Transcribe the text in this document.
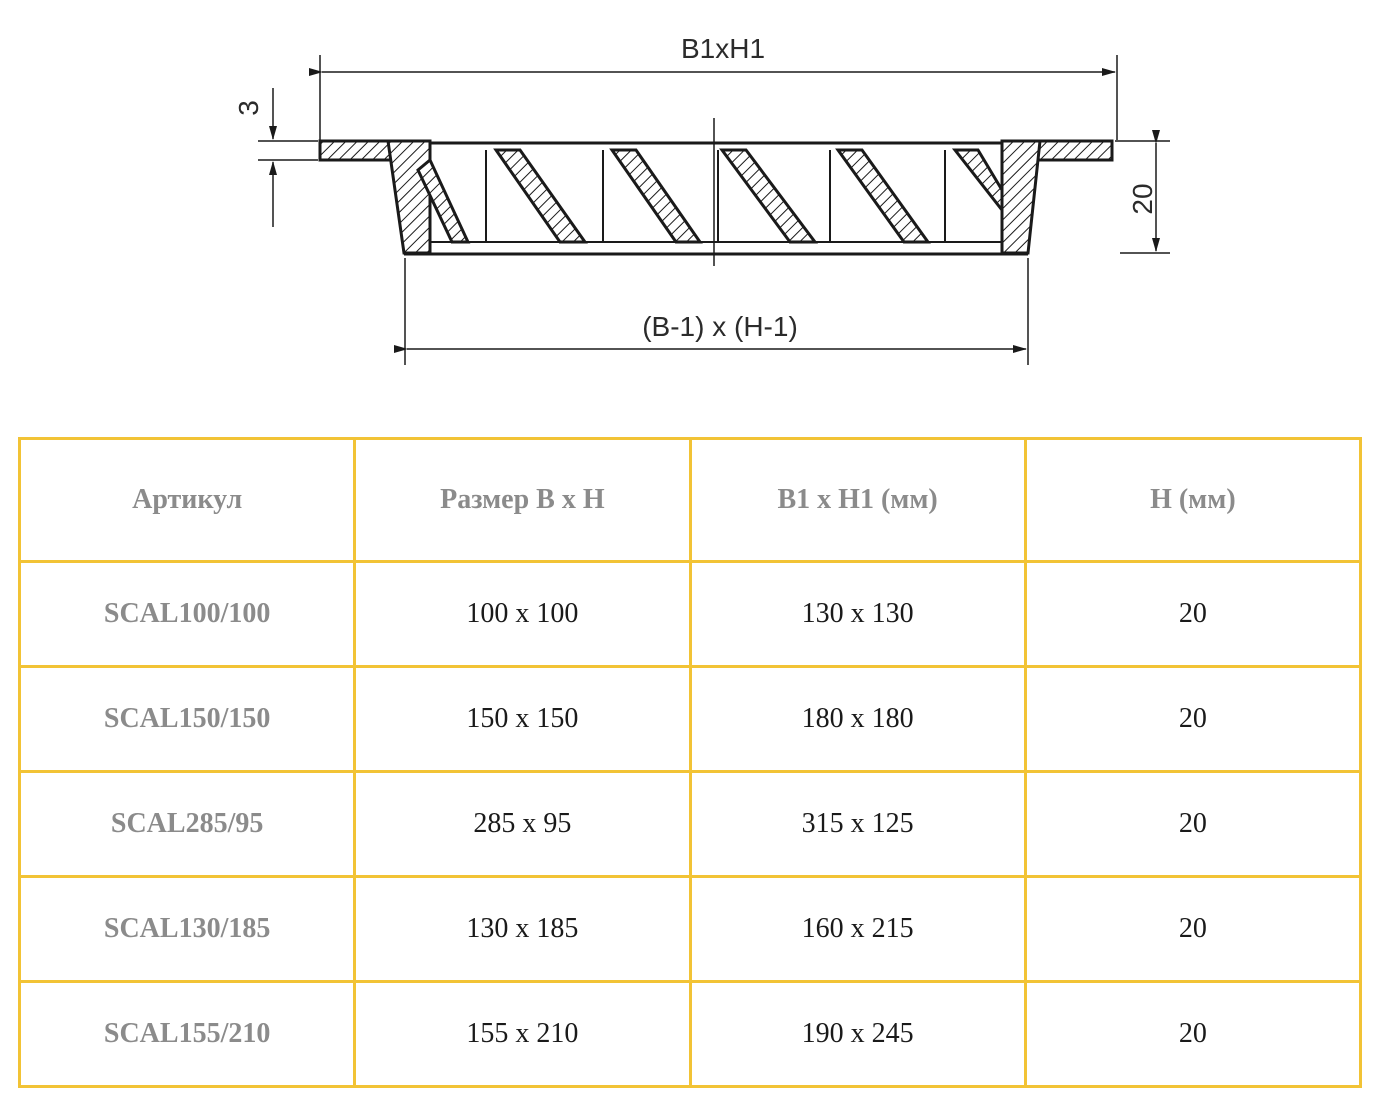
B1xH1
3
20
(B-1) x (H-1)
Артикул	Размер B x H	B1 x H1 (мм)	H (мм)
SCAL100/100	100 x 100	130 x 130	20
SCAL150/150	150 x 150	180 x 180	20
SCAL285/95	285 x 95	315 x 125	20
SCAL130/185	130 x 185	160 x 215	20
SCAL155/210	155 x 210	190 x 245	20
